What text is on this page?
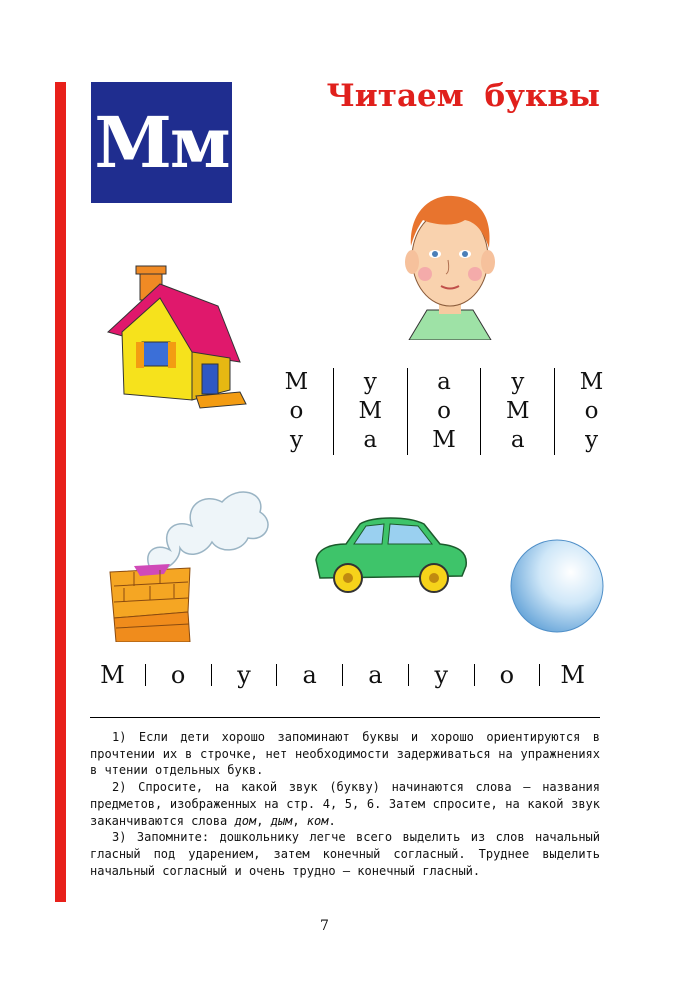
Мм
Читаем буквы
М	у	а	у	М
о	М	о	М	о
у	а	М	а	у
М	о	у	а	а	у	о	М

1) Если дети хорошо запоминают буквы и хорошо ориентируются в прочтении их в строчке, нет необходимости задерживаться на упражнениях в чтении отдельных букв.

2) Спросите, на какой звук (букву) начинаются слова — названия предметов, изображенных на стр. 4, 5, 6. Затем спросите, на какой звук заканчиваются слова дом, дым, ком.

3) Запомните: дошкольнику легче всего выделить из слов начальный гласный под ударением, затем конечный согласный. Труднее выделить начальный согласный и очень трудно — конечный гласный.

7
